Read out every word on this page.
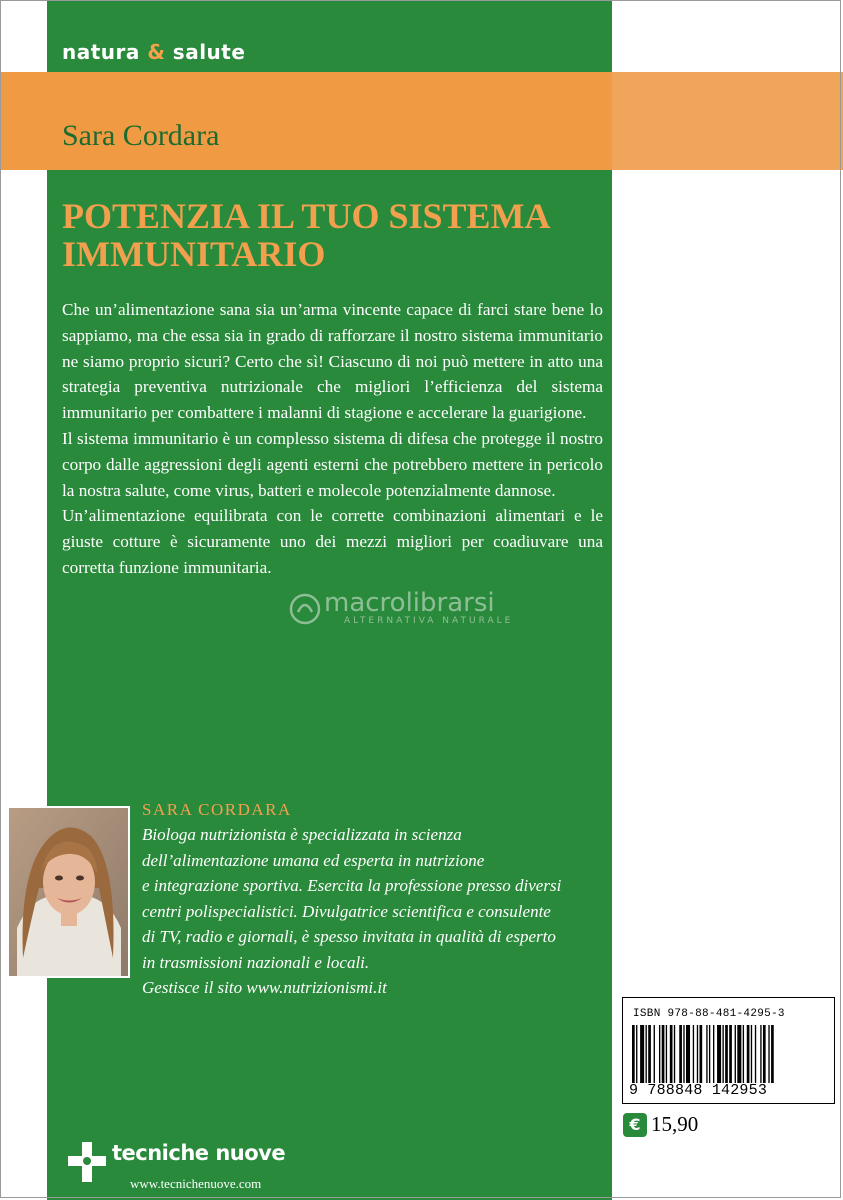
natura & salute
Sara Cordara
POTENZIA IL TUO SISTEMA
IMMUNITARIO

Che un’alimentazione sana sia un’arma vincente capace di farci stare bene lo sappiamo, ma che essa sia in grado di rafforzare il nostro sistema immunitario ne siamo proprio sicuri? Certo che sì! Ciascuno di noi può mettere in atto una strategia preventiva nutrizionale che migliori l’efficienza del sistema immunitario per combattere i malanni di stagione e accelerare la guarigione.

Il sistema immunitario è un complesso sistema di difesa che protegge il nostro corpo dalle aggressioni degli agenti esterni che potrebbero mettere in pericolo la nostra salute, come virus, batteri e molecole potenzialmente dannose.

Un’alimentazione equilibrata con le corrette combinazioni alimentari e le giuste cotture è sicuramente uno dei mezzi migliori per coadiuvare una corretta funzione immunitaria.

macrolibrarsi
ALTERNATIVA NATURALE
SARA CORDARA
Biologa nutrizionista è specializzata in scienza
dell’alimentazione umana ed esperta in nutrizione
e integrazione sportiva. Esercita la professione presso diversi
centri polispecialistici. Divulgatrice scientifica e consulente
di TV, radio e giornali, è spesso invitata in qualità di esperto
in trasmissioni nazionali e locali.
Gestisce il sito www.nutrizionismi.it
tecniche nuove
www.tecnichenuove.com
ISBN 978-88-481-4295-3
9 788848 142953
€ 15,90
